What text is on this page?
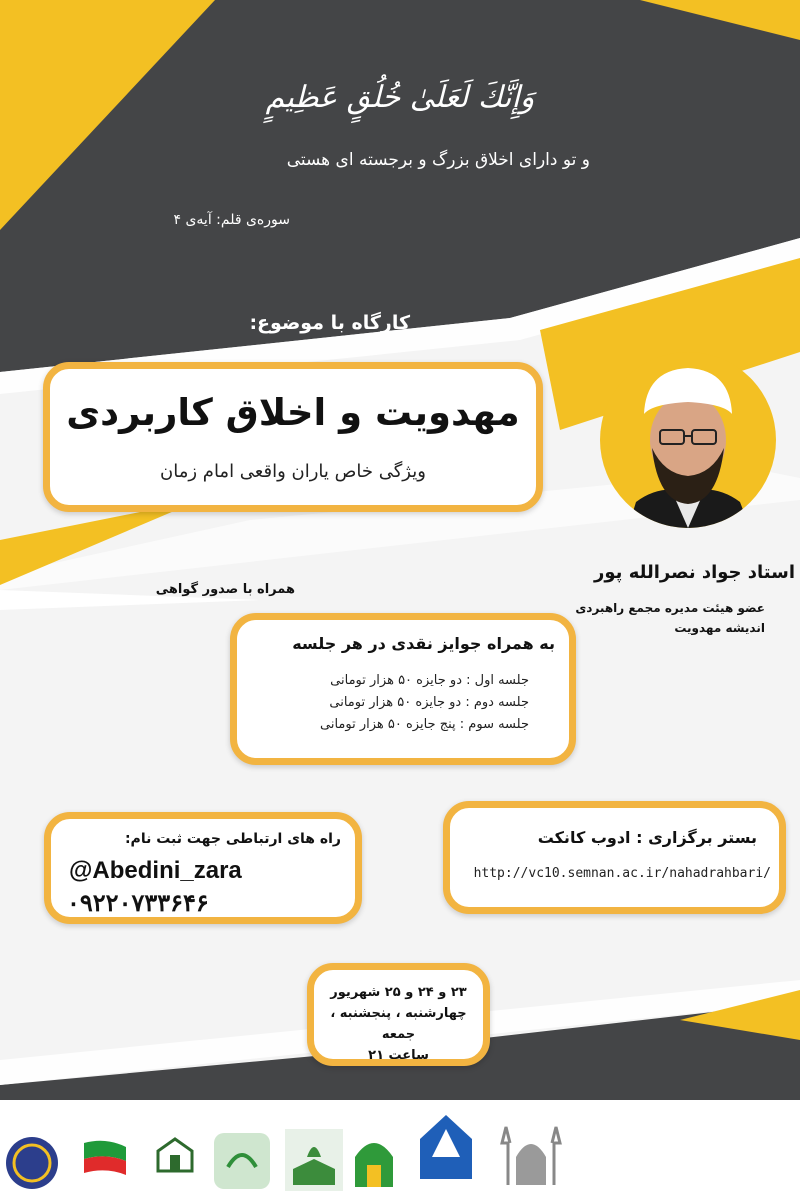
وَإِنَّكَ لَعَلَىٰ خُلُقٍ عَظِيمٍ
و تو دارای اخلاق بزرگ و برجسته ای هستی
سوره‌ی قلم: آیه‌ی ۴
کارگاه با موضوع:
مهدویت و اخلاق کاربردی
ویژگی خاص یاران واقعی امام زمان
استاد جواد نصرالله پور
عضو هیئت مدیره مجمع راهبردی
اندیشه مهدویت
همراه با صدور گواهی
به همراه جوایز نقدی در هر جلسه
جلسه اول : دو جایزه ۵۰ هزار تومانی
جلسه دوم : دو جایزه ۵۰ هزار تومانی
جلسه سوم : پنج جایزه ۵۰ هزار تومانی
راه های ارتباطی جهت ثبت نام:
@Abedini_zara
۰۹۲۲۰۷۳۳۶۴۶
بستر برگزاری : ادوب کانکت
http://vc10.semnan.ac.ir/nahadrahbari/
۲۳ و ۲۴ و ۲۵ شهریور
چهارشنبه ، پنجشنبه ، جمعه
ساعت ۲۱
